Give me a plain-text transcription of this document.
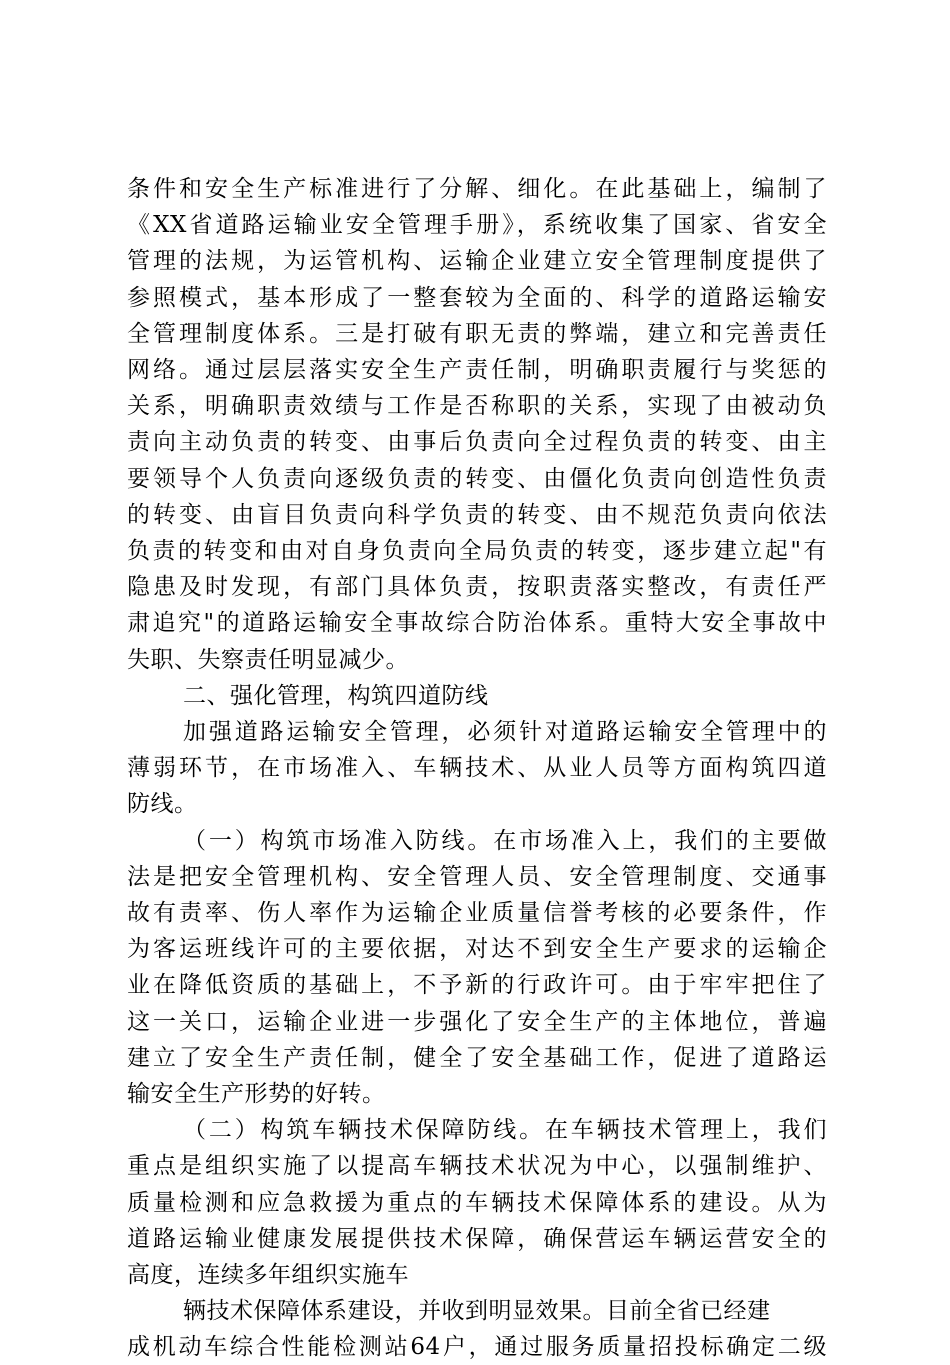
条件和安全生产标准进行了分解、细化。在此基础上，编制了
《XX省道路运输业安全管理手册》，系统收集了国家、省安全
管理的法规，为运管机构、运输企业建立安全管理制度提供了
参照模式，基本形成了一整套较为全面的、科学的道路运输安
全管理制度体系。三是打破有职无责的弊端，建立和完善责任
网络。通过层层落实安全生产责任制，明确职责履行与奖惩的
关系，明确职责效绩与工作是否称职的关系，实现了由被动负
责向主动负责的转变、由事后负责向全过程负责的转变、由主
要领导个人负责向逐级负责的转变、由僵化负责向创造性负责
的转变、由盲目负责向科学负责的转变、由不规范负责向依法
负责的转变和由对自身负责向全局负责的转变，逐步建立起"有
隐患及时发现，有部门具体负责，按职责落实整改，有责任严
肃追究"的道路运输安全事故综合防治体系。重特大安全事故中
失职、失察责任明显减少。
二、强化管理，构筑四道防线
加强道路运输安全管理，必须针对道路运输安全管理中的
薄弱环节，在市场准入、车辆技术、从业人员等方面构筑四道
防线。
（一）构筑市场准入防线。在市场准入上，我们的主要做
法是把安全管理机构、安全管理人员、安全管理制度、交通事
故有责率、伤人率作为运输企业质量信誉考核的必要条件，作
为客运班线许可的主要依据，对达不到安全生产要求的运输企
业在降低资质的基础上，不予新的行政许可。由于牢牢把住了
这一关口，运输企业进一步强化了安全生产的主体地位，普遍
建立了安全生产责任制，健全了安全基础工作，促进了道路运
输安全生产形势的好转。
（二）构筑车辆技术保障防线。在车辆技术管理上，我们
重点是组织实施了以提高车辆技术状况为中心，以强制维护、
质量检测和应急救援为重点的车辆技术保障体系的建设。从为
道路运输业健康发展提供技术保障，确保营运车辆运营安全的
高度，连续多年组织实施车
辆技术保障体系建设，并收到明显效果。目前全省已经建
成机动车综合性能检测站64户，通过服务质量招投标确定二级
